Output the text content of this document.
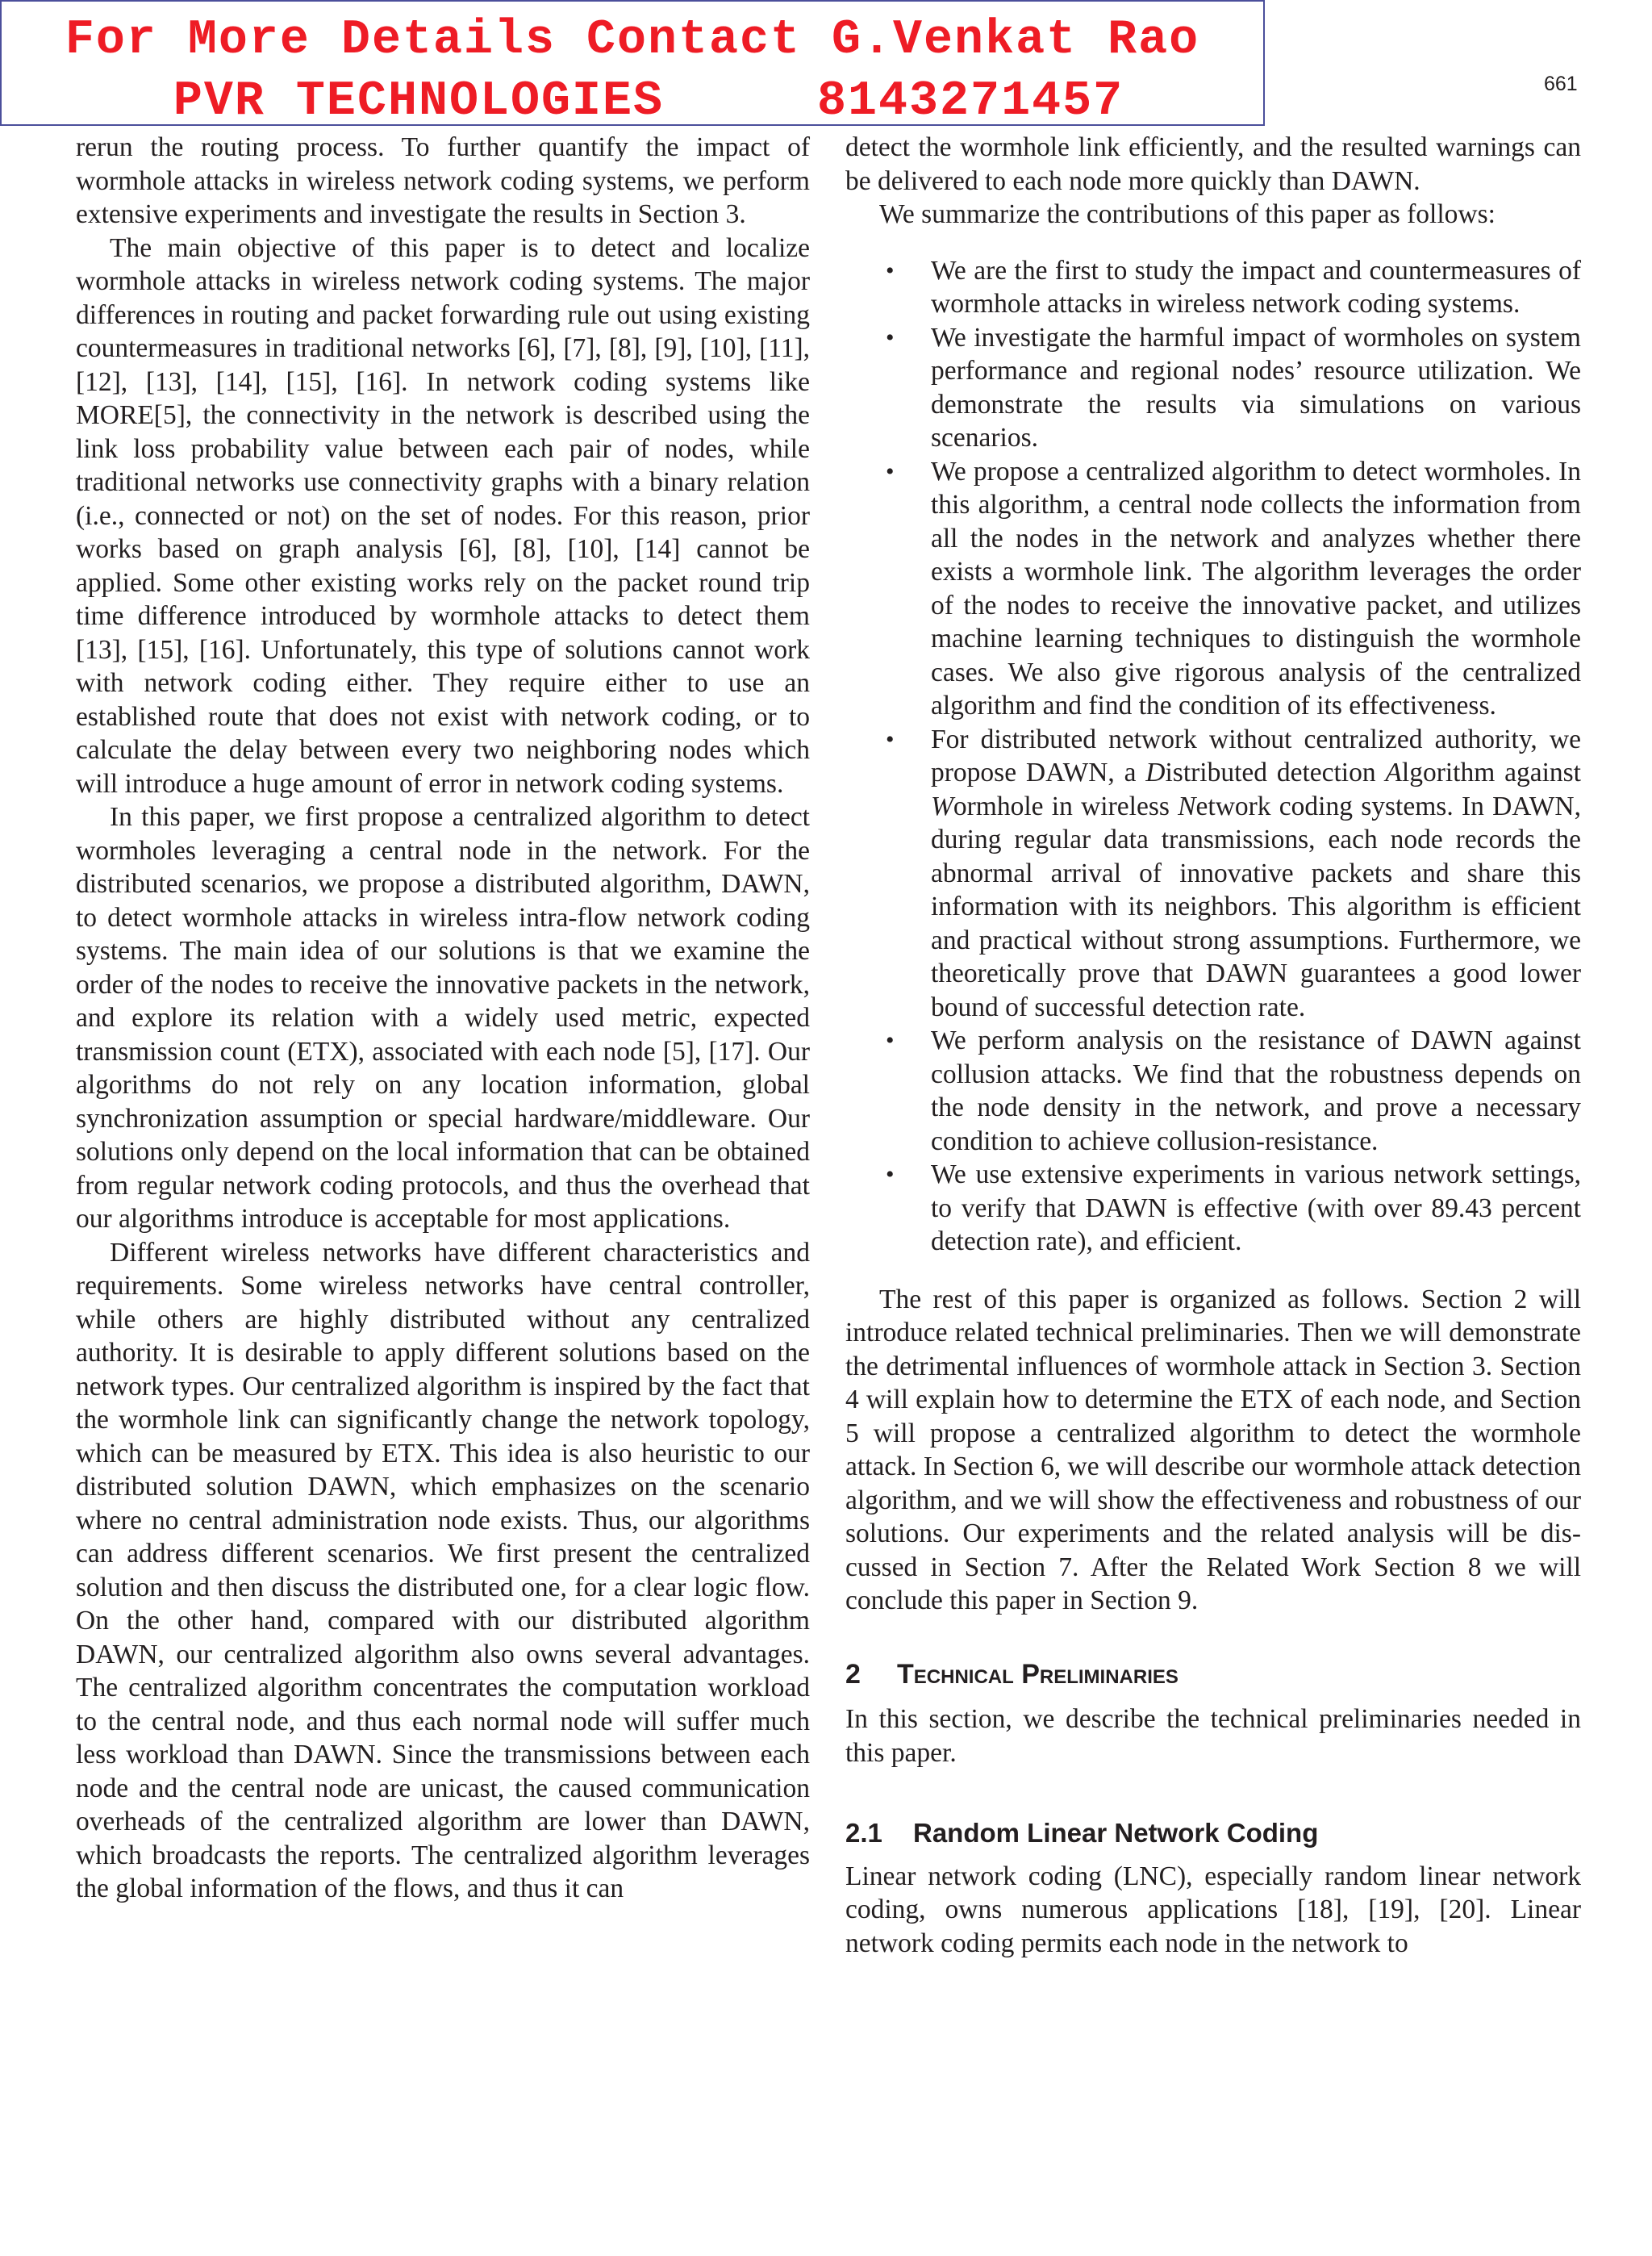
For More Details Contact G.Venkat Rao
PVR TECHNOLOGIES     8143271457	661

rerun the routing process. To further quantify the impact of wormhole attacks in wireless network coding systems, we perform extensive experiments and investigate the results in Section 3.

The main objective of this paper is to detect and localize wormhole attacks in wireless network coding systems. The major differences in routing and packet forwarding rule out using existing countermeasures in traditional networks [6], [7], [8], [9], [10], [11], [12], [13], [14], [15], [16]. In network coding systems like MORE[5], the connectivity in the network is described using the link loss probability value between each pair of nodes, while traditional networks use connectivity graphs with a binary relation (i.e., connected or not) on the set of nodes. For this reason, prior works based on graph analysis [6], [8], [10], [14] cannot be applied. Some other existing works rely on the packet round trip time difference introduced by wormhole attacks to detect them [13], [15], [16]. Unfortunately, this type of solutions cannot work with network coding either. They require either to use an established route that does not exist with network coding, or to calculate the delay between every two neighboring nodes which will introduce a huge amount of error in network coding systems.

In this paper, we first propose a centralized algorithm to detect wormholes leveraging a central node in the network. For the distributed scenarios, we propose a distributed algorithm, DAWN, to detect wormhole attacks in wireless intra-flow network coding systems. The main idea of our solutions is that we examine the order of the nodes to receive the innovative packets in the network, and explore its relation with a widely used metric, expected transmission count (ETX), associated with each node [5], [17]. Our algorithms do not rely on any location information, global synchronization assumption or special hardware/middleware. Our solutions only depend on the local information that can be obtained from regular network coding protocols, and thus the overhead that our algorithms introduce is acceptable for most applications.

Different wireless networks have different characteristics and requirements. Some wireless networks have central controller, while others are highly distributed without any centralized authority. It is desirable to apply different solutions based on the network types. Our centralized algorithm is inspired by the fact that the wormhole link can significantly change the network topology, which can be measured by ETX. This idea is also heuristic to our distributed solution DAWN, which emphasizes on the scenario where no central administration node exists. Thus, our algorithms can address different scenarios. We first present the centralized solution and then discuss the distributed one, for a clear logic flow. On the other hand, compared with our distributed algorithm DAWN, our centralized algorithm also owns several advantages. The centralized algorithm concentrates the computation workload to the central node, and thus each normal node will suffer much less workload than DAWN. Since the transmissions between each node and the central node are unicast, the caused communication overheads of the centralized algorithm are lower than DAWN, which broadcasts the reports. The centralized algorithm leverages the global information of the flows, and thus it can

detect the wormhole link efficiently, and the resulted warnings can be delivered to each node more quickly than DAWN.

We summarize the contributions of this paper as follows:

• We are the first to study the impact and countermeasures of wormhole attacks in wireless network coding systems.
• We investigate the harmful impact of wormholes on system performance and regional nodes’ resource utilization. We demonstrate the results via simulations on various scenarios.
• We propose a centralized algorithm to detect wormholes. In this algorithm, a central node collects the information from all the nodes in the network and analyzes whether there exists a wormhole link. The algorithm leverages the order of the nodes to receive the innovative packet, and utilizes machine learning techniques to distinguish the wormhole cases. We also give rigorous analysis of the centralized algorithm and find the condition of its effectiveness.
• For distributed network without centralized authority, we propose DAWN, a Distributed detection Algorithm against Wormhole in wireless Network coding systems. In DAWN, during regular data transmissions, each node records the abnormal arrival of innovative packets and share this information with its neighbors. This algorithm is efficient and practical without strong assumptions. Furthermore, we theoretically prove that DAWN guarantees a good lower bound of successful detection rate.
• We perform analysis on the resistance of DAWN against collusion attacks. We find that the robustness depends on the node density in the network, and prove a necessary condition to achieve collusion-resistance.
• We use extensive experiments in various network settings, to verify that DAWN is effective (with over 89.43 percent detection rate), and efficient.

The rest of this paper is organized as follows. Section 2 will introduce related technical preliminaries. Then we will demonstrate the detrimental influences of wormhole attack in Section 3. Section 4 will explain how to determine the ETX of each node, and Section 5 will propose a centralized algorithm to detect the wormhole attack. In Section 6, we will describe our wormhole attack detection algorithm, and we will show the effectiveness and robustness of our solutions. Our experiments and the related analysis will be discussed in Section 7. After the Related Work Section 8 we will conclude this paper in Section 9.

2 Technical Preliminaries

In this section, we describe the technical preliminaries needed in this paper.

2.1 Random Linear Network Coding

Linear network coding (LNC), especially random linear network coding, owns numerous applications [18], [19], [20]. Linear network coding permits each node in the network to
